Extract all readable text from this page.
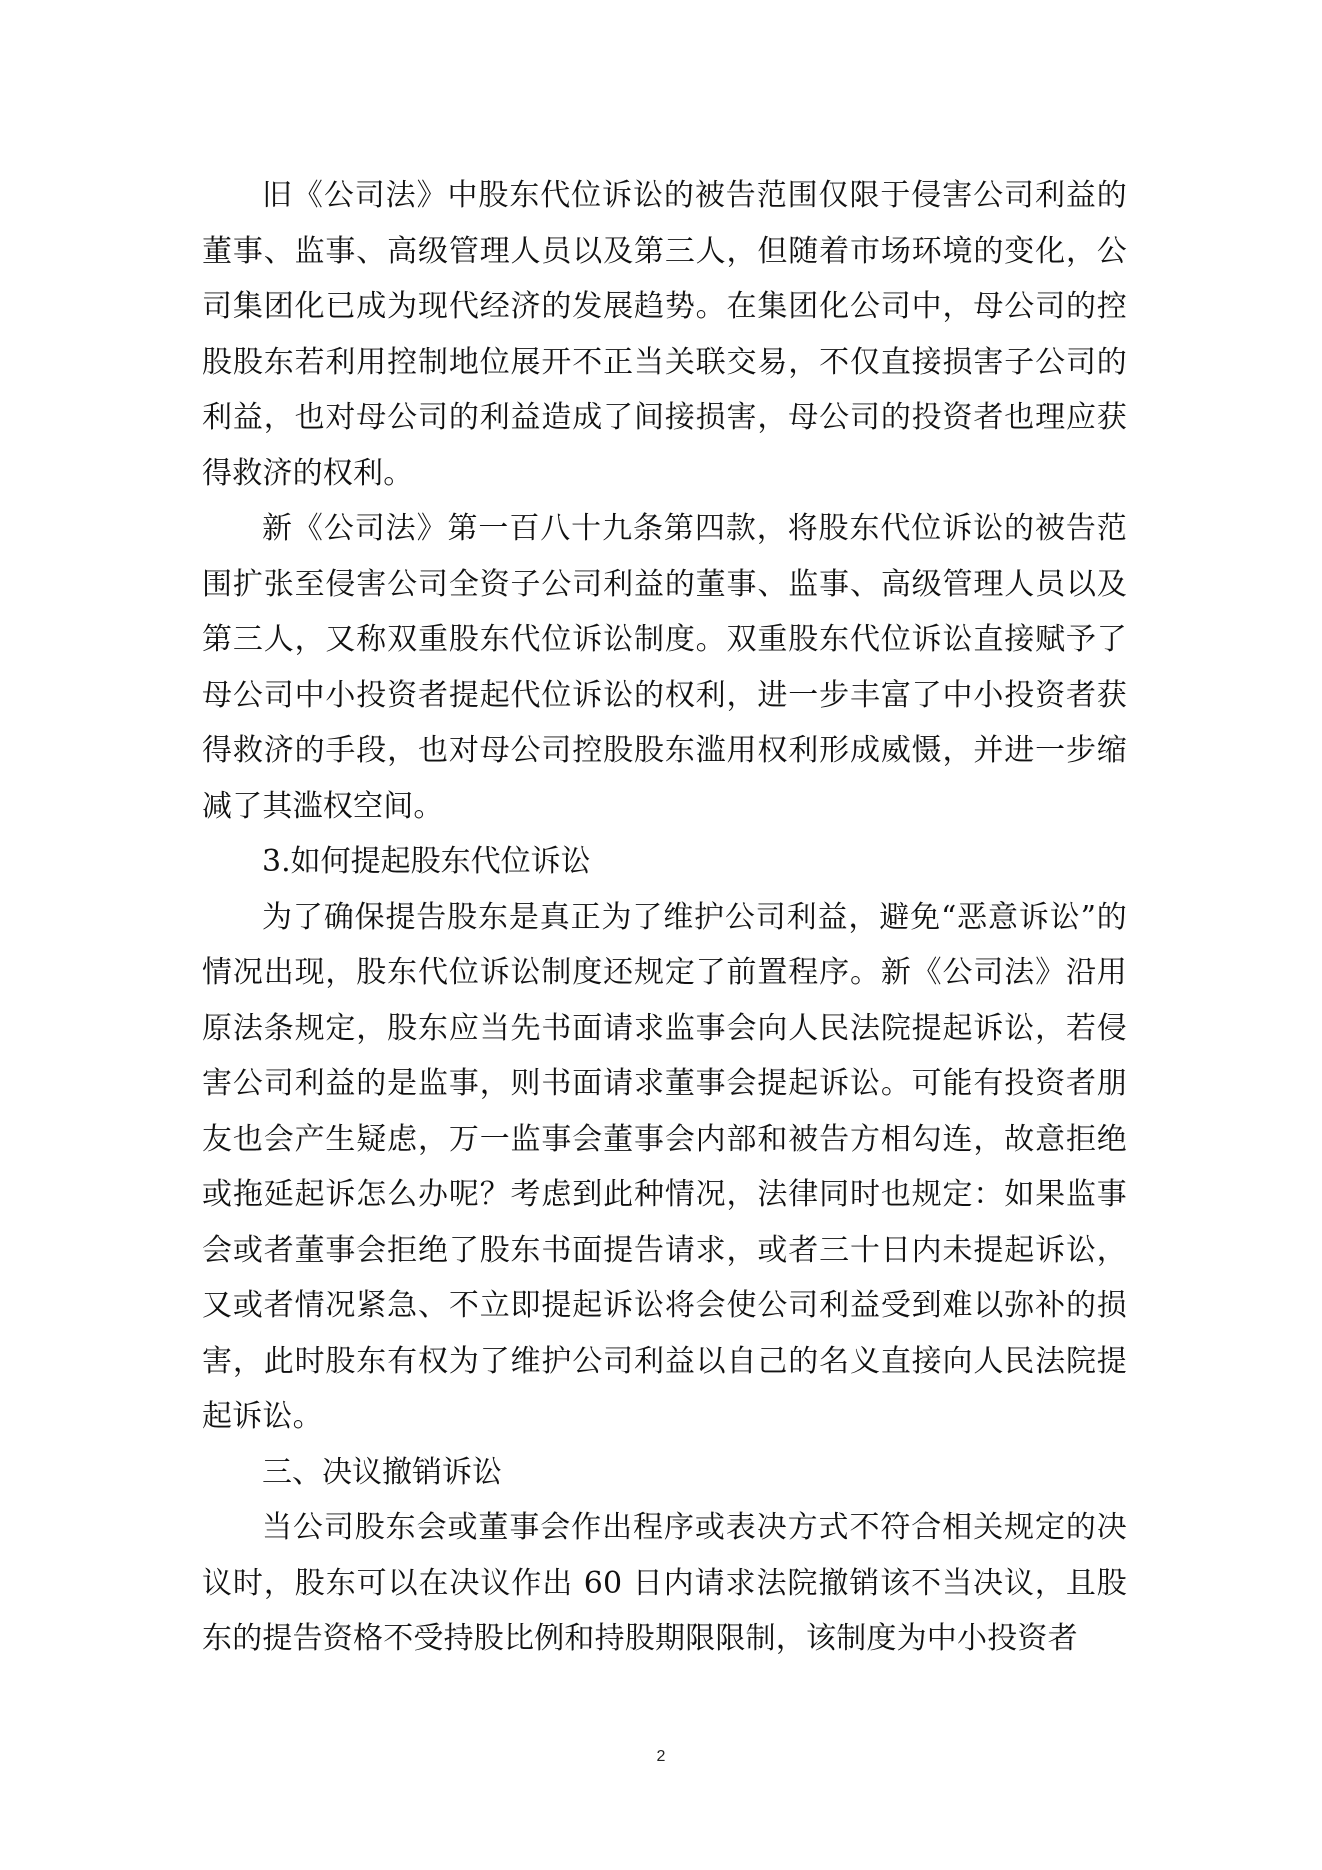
旧《公司法》中股东代位诉讼的被告范围仅限于侵害公司利益的董事、监事、高级管理人员以及第三人，但随着市场环境的变化，公司集团化已成为现代经济的发展趋势。在集团化公司中，母公司的控股股东若利用控制地位展开不正当关联交易，不仅直接损害子公司的利益，也对母公司的利益造成了间接损害，母公司的投资者也理应获得救济的权利。

新《公司法》第一百八十九条第四款，将股东代位诉讼的被告范围扩张至侵害公司全资子公司利益的董事、监事、高级管理人员以及第三人，又称双重股东代位诉讼制度。双重股东代位诉讼直接赋予了母公司中小投资者提起代位诉讼的权利，进一步丰富了中小投资者获得救济的手段，也对母公司控股股东滥用权利形成威慑，并进一步缩减了其滥权空间。

3.如何提起股东代位诉讼

为了确保提告股东是真正为了维护公司利益，避免“恶意诉讼”的情况出现，股东代位诉讼制度还规定了前置程序。新《公司法》沿用原法条规定，股东应当先书面请求监事会向人民法院提起诉讼，若侵害公司利益的是监事，则书面请求董事会提起诉讼。可能有投资者朋友也会产生疑虑，万一监事会董事会内部和被告方相勾连，故意拒绝或拖延起诉怎么办呢？考虑到此种情况，法律同时也规定：如果监事会或者董事会拒绝了股东书面提告请求，或者三十日内未提起诉讼，又或者情况紧急、不立即提起诉讼将会使公司利益受到难以弥补的损害，此时股东有权为了维护公司利益以自己的名义直接向人民法院提起诉讼。

三、决议撤销诉讼

当公司股东会或董事会作出程序或表决方式不符合相关规定的决议时，股东可以在决议作出 60 日内请求法院撤销该不当决议，且股东的提告资格不受持股比例和持股期限限制，该制度为中小投资者

2
